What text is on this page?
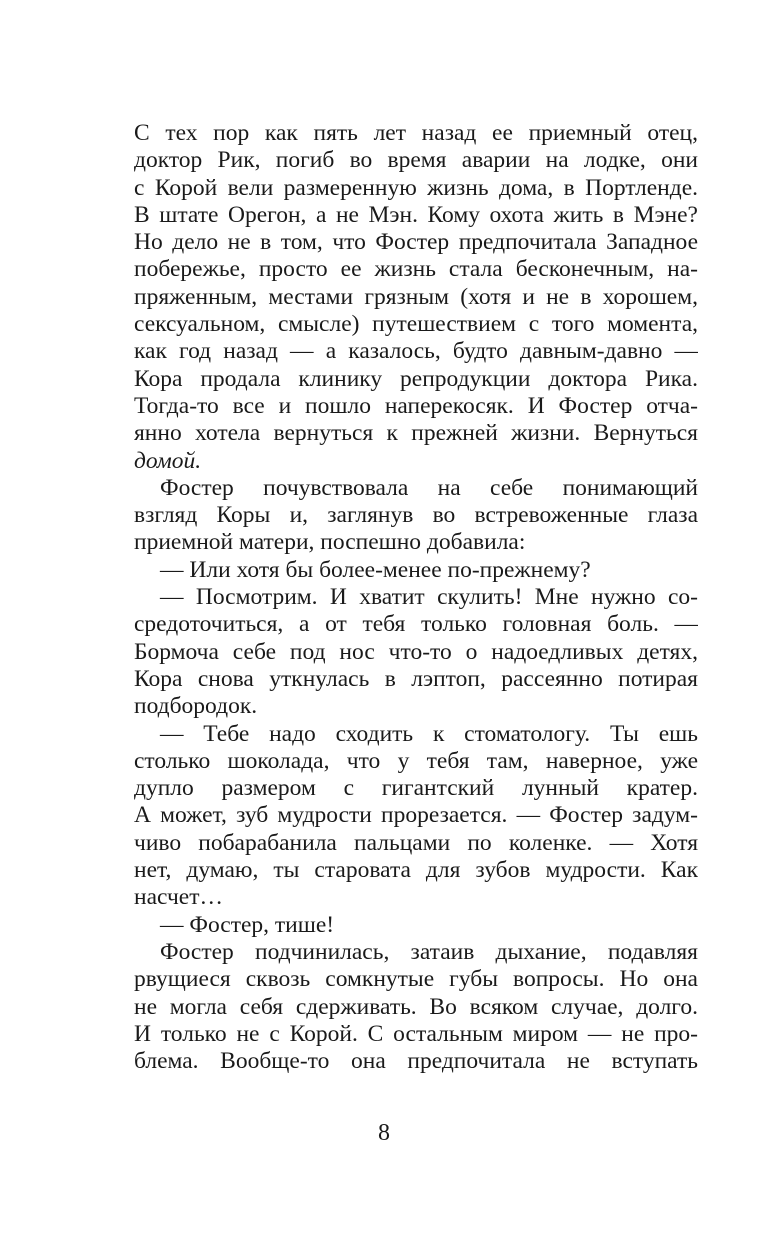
С тех пор как пять лет назад ее приемный отец,
доктор Рик, погиб во время аварии на лодке, они
с Корой вели размеренную жизнь дома, в Портленде.
В штате Орегон, а не Мэн. Кому охота жить в Мэне?
Но дело не в том, что Фостер предпочитала Западное
побережье, просто ее жизнь стала бесконечным, на-
пряженным, местами грязным (хотя и не в хорошем,
сексуальном, смысле) путешествием с того момента,
как год назад — а казалось, будто давным-давно —
Кора продала клинику репродукции доктора Рика.
Тогда-то все и пошло наперекосяк. И Фостер отча-
янно хотела вернуться к прежней жизни. Вернуться
домой.
Фостер почувствовала на себе понимающий
взгляд Коры и, заглянув во встревоженные глаза
приемной матери, поспешно добавила:
— Или хотя бы более-менее по-прежнему?
— Посмотрим. И хватит скулить! Мне нужно со-
средоточиться, а от тебя только головная боль. —
Бормоча себе под нос что-то о надоедливых детях,
Кора снова уткнулась в лэптоп, рассеянно потирая
подбородок.
— Тебе надо сходить к стоматологу. Ты ешь
столько шоколада, что у тебя там, наверное, уже
дупло размером с гигантский лунный кратер.
А может, зуб мудрости прорезается. — Фостер задум-
чиво побарабанила пальцами по коленке. — Хотя
нет, думаю, ты старовата для зубов мудрости. Как
насчет…
— Фостер, тише!
Фостер подчинилась, затаив дыхание, подавляя
рвущиеся сквозь сомкнутые губы вопросы. Но она
не могла себя сдерживать. Во всяком случае, долго.
И только не с Корой. С остальным миром — не про-
блема. Вообще-то она предпочитала не вступать
8
